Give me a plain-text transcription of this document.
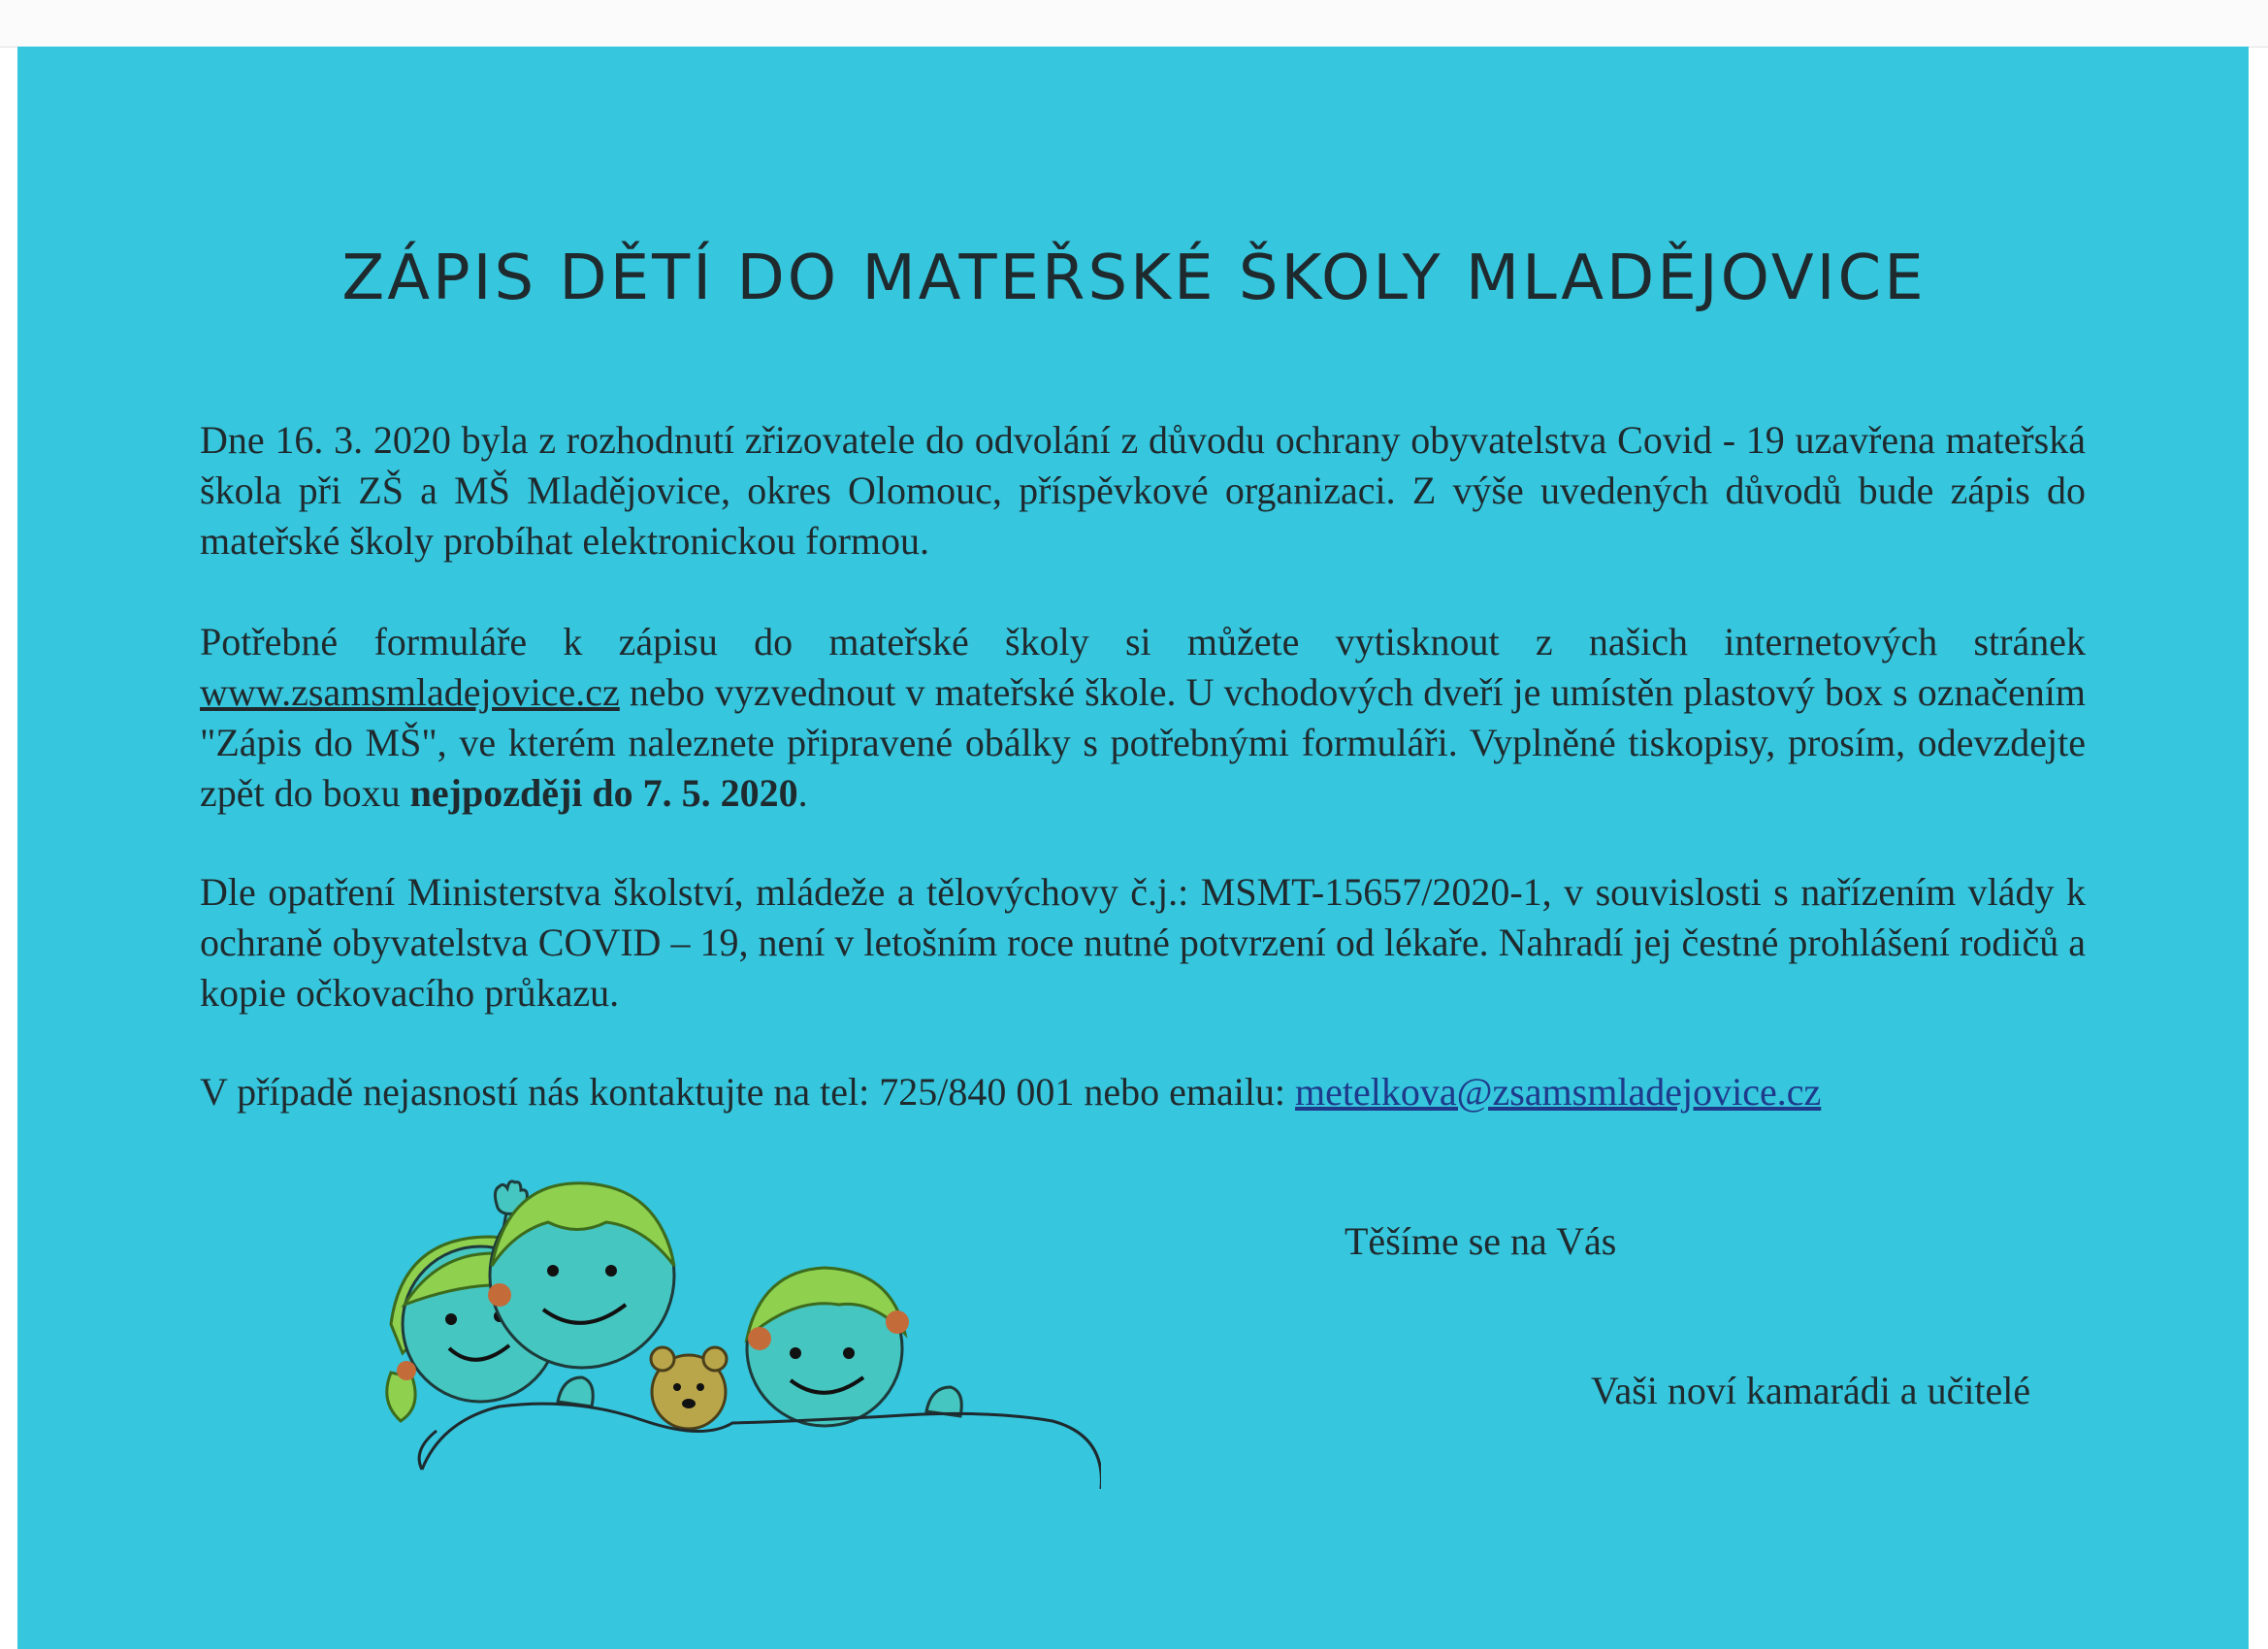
ZÁPIS DĚTÍ DO MATEŘSKÉ ŠKOLY MLADĚJOVICE

Dne 16. 3. 2020 byla z rozhodnutí zřizovatele do odvolání z důvodu ochrany obyvatelstva Covid - 19 uzavřena mateřská škola při ZŠ a MŠ Mladějovice, okres Olomouc, příspěvkové organizaci. Z výše uvedených důvodů bude zápis do mateřské školy probíhat elektronickou formou.

Potřebné formuláře k zápisu do mateřské školy si můžete vytisknout z našich internetových stránek www.zsamsmladejovice.cz nebo vyzvednout v mateřské škole. U vchodových dveří je umístěn plastový box s označením "Zápis do MŠ", ve kterém naleznete připravené obálky s potřebnými formuláři. Vyplněné tiskopisy, prosím, odevzdejte zpět do boxu nejpozději do 7. 5. 2020.

Dle opatření Ministerstva školství, mládeže a tělovýchovy č.j.: MSMT-15657/2020-1, v souvislosti s nařízením vlády k ochraně obyvatelstva COVID – 19, není v letošním roce nutné potvrzení od lékaře. Nahradí jej čestné prohlášení rodičů a kopie očkovacího průkazu.

V případě nejasností nás kontaktujte na tel: 725/840 001 nebo emailu: metelkova@zsamsmladejovice.cz

Těšíme se na Vás

Vaši noví kamarádi a učitelé
